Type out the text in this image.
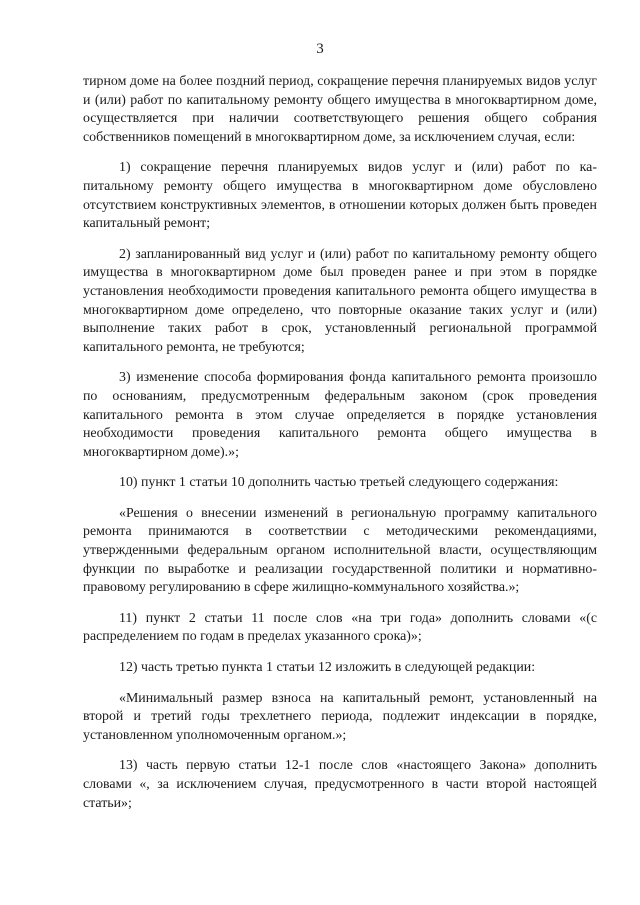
3

тирном доме на более поздний период, сокращение перечня планируемых видов услуг и (или) работ по капитальному ремонту общего имущества в многоквартирном доме, осуществляется при наличии соответствующего решения общего собрания собственников помещений в многоквартирном доме, за исключением случая, если:

1) сокращение перечня планируемых видов услуг и (или) работ по капитальному ремонту общего имущества в многоквартирном доме обусловлено отсутствием конструктивных элементов, в отношении которых должен быть проведен капитальный ремонт;

2) запланированный вид услуг и (или) работ по капитальному ремонту общего имущества в многоквартирном доме был проведен ранее и при этом в порядке установления необходимости проведения капитального ремонта общего имущества в многоквартирном доме определено, что повторные оказание таких услуг и (или) выполнение таких работ в срок, установленный региональной программой капитального ремонта, не требуются;

3) изменение способа формирования фонда капитального ремонта произошло по основаниям, предусмотренным федеральным законом (срок проведения капитального ремонта в этом случае определяется в порядке установления необходимости проведения капитального ремонта общего имущества в многоквартирном доме).»;

10) пункт 1 статьи 10 дополнить частью третьей следующего содержания:

«Решения о внесении изменений в региональную программу капитального ремонта принимаются в соответствии с методическими рекомендациями, утвержденными федеральным органом исполнительной власти, осуществляющим функции по выработке и реализации государственной политики и нормативно-правовому регулированию в сфере жилищно-коммунального хозяйства.»;

11) пункт 2 статьи 11 после слов «на три года» дополнить словами «(с распределением по годам в пределах указанного срока)»;

12) часть третью пункта 1 статьи 12 изложить в следующей редакции:

«Минимальный размер взноса на капитальный ремонт, установленный на второй и третий годы трехлетнего периода, подлежит индексации в порядке, установленном уполномоченным органом.»;

13) часть первую статьи 12-1 после слов «настоящего Закона» дополнить словами «, за исключением случая, предусмотренного в части второй настоящей статьи»;
